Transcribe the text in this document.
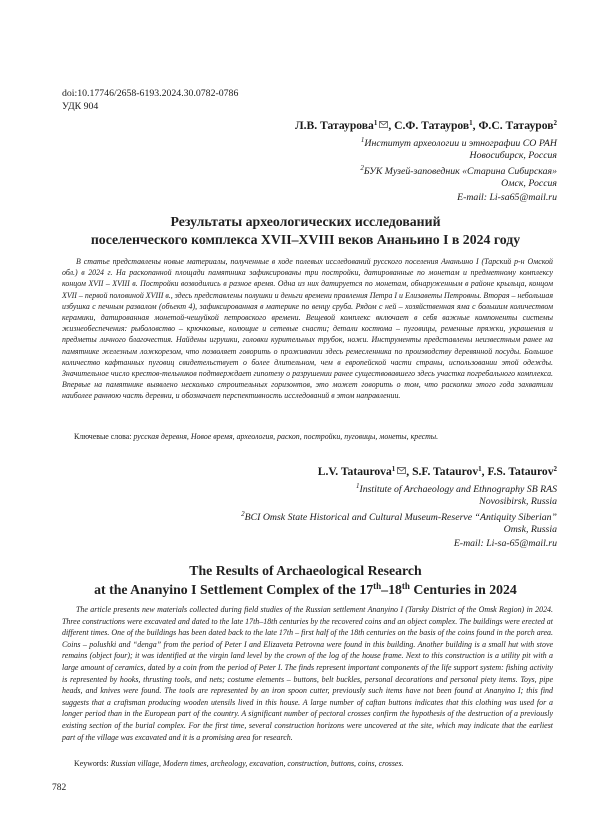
doi:10.17746/2658-6193.2024.30.0782-0786
УДК 904
Л.В. Татаурова$^1$ , С.Ф. Татауров$^1$, Ф.С. Татауров$^2$
$^1$Институт археологии и этнографии СО РАН
Новосибирск, Россия
$^2$БУК Музей-заповедник «Старина Сибирская»
Омск, Россия
E-mail: Li-sa65@mail.ru
Результаты археологических исследований
поселенческого комплекса XVII–XVIII веков Ананьино I в 2024 году

В статье представлены новые материалы, полученные в ходе полевых исследований русского поселения Ананьино I (Тарский р-н Омской обл.) в 2024 г. На раскопанной площади памятника зафиксированы три постройки, датированные по монетам и предметному комплексу концом XVII – XVIII в. Постройки возводились в разное время. Одна из них датируется по монетам, обнаруженным в районе крыльца, концом XVII – первой половиной XVIII в., здесь представлены полушки и деньги времени правления Петра I и Елизаветы Петровны. Вторая – небольшая избушка с печным развалом (объект 4), зафиксированная в материке по венцу сруба. Рядом с ней – хозяйственная яма с большим количеством керамики, датированная монетой-чешуйкой петровского времени. Вещевой комплекс включает в себя важные компоненты системы жизнеобеспечения: рыболовство – крючковые, колющие и сетевые снасти; детали костюма – пуговицы, ременные пряжки, украшения и предметы личного благочестия. Найдены игрушки, головки курительных трубок, ножи. Инструменты представлены неизвестным ранее на памятнике железным ложкорезом, что позволяет говорить о проживании здесь ремесленника по производству деревянной посуды. Большое количество кафтанных пуговиц свидетельствует о более длительном, чем в европейской части страны, использовании этой одежды. Значительное число крестов-тельников подтверждает гипотезу о разрушении ранее существовавшего здесь участка погребального комплекса. Впервые на памятнике выявлено несколько строительных горизонтов, это может говорить о том, что раскопки этого года захватили наиболее раннюю часть деревни, и обозначает перспективность исследований в этом направлении.

Ключевые слова: русская деревня, Новое время, археология, раскоп, постройки, пуговицы, монеты, кресты.
L.V. Tataurova$^1$ , S.F. Tataurov$^1$, F.S. Tataurov$^2$
$^1$Institute of Archaeology and Ethnography SB RAS
Novosibirsk, Russia
$^2$BCI Omsk State Historical and Cultural Museum-Reserve “Antiquity Siberian”
Omsk, Russia
E-mail: Li-sa-65@mail.ru
The Results of Archaeological Research
at the Ananyino I Settlement Complex of the 17th–18th Centuries in 2024

The article presents new materials collected during field studies of the Russian settlement Ananyino I (Tarsky District of the Omsk Region) in 2024. Three constructions were excavated and dated to the late 17th–18th centuries by the recovered coins and an object complex. The buildings were erected at different times. One of the buildings has been dated back to the late 17th – first half of the 18th centuries on the basis of the coins found in the porch area. Coins – polushki and “denga” from the period of Peter I and Elizaveta Petrovna were found in this building. Another building is a small hut with stove remains (object four); it was identified at the virgin land level by the crown of the log of the house frame. Next to this construction is a utility pit with a large amount of ceramics, dated by a coin from the period of Peter I. The finds represent important components of the life support system: fishing activity is represented by hooks, thrusting tools, and nets; costume elements – buttons, belt buckles, personal decorations and personal piety items. Toys, pipe heads, and knives were found. The tools are represented by an iron spoon cutter, previously such items have not been found at Ananyino I; this find suggests that a craftsman producing wooden utensils lived in this house. A large number of caftan buttons indicates that this clothing was used for a longer period than in the European part of the country. A significant number of pectoral crosses confirm the hypothesis of the destruction of a previously existing section of the burial complex. For the first time, several construction horizons were uncovered at the site, which may indicate that the earliest part of the village was excavated and it is a promising area for research.

Keywords: Russian village, Modern times, archeology, excavation, construction, buttons, coins, crosses.
782
